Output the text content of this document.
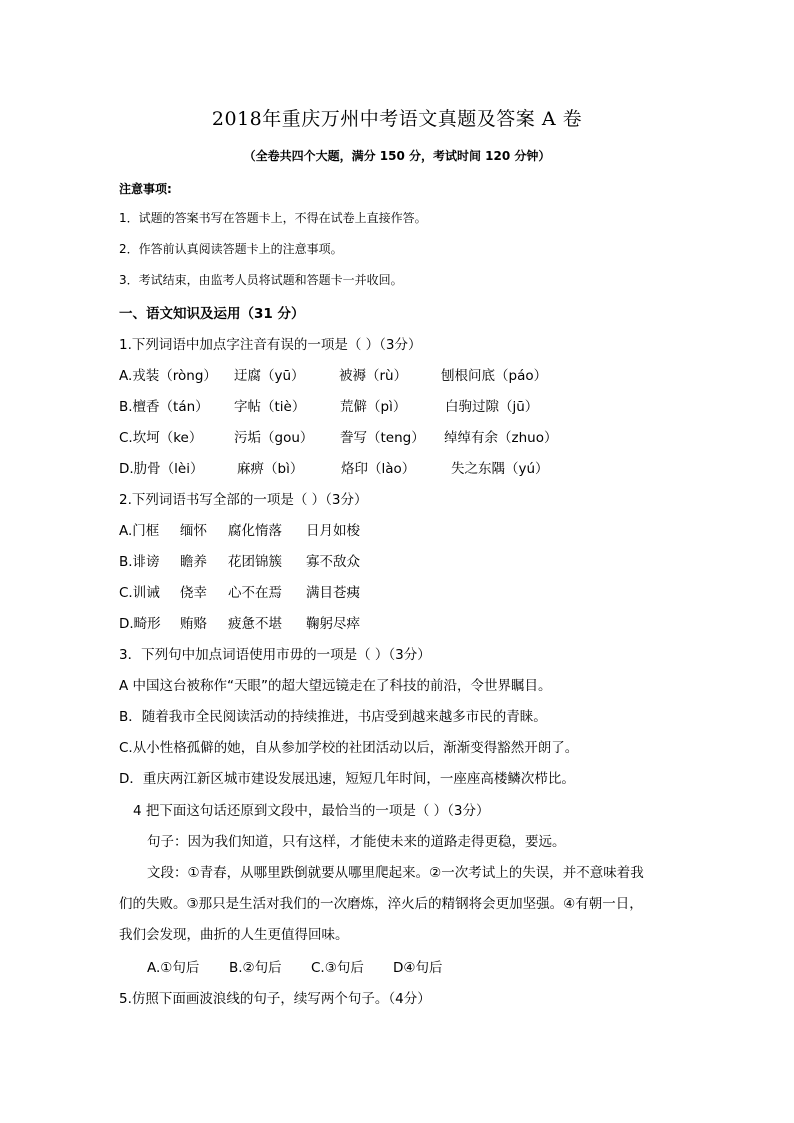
2018年重庆万州中考语文真题及答案 A 卷
（全卷共四个大题，满分 150 分，考试时间 120 分钟）
注意事项:
1．试题的答案书写在答题卡上，不得在试卷上直接作答。
2．作答前认真阅读答题卡上的注意事项。
3．考试结束，由监考人员将试题和答题卡一并收回。
一、语文知识及运用（31 分）
1.下列词语中加点字注音有误的一项是（ ）（3分）
A.戎装（ròng） 迂腐（yū）	被褥（rù）	刨根问底（páo）
B.檀香（tán） 字帖（tiè）	荒僻（pì）	白驹过隙（jū）
C.坎坷（ke） 污垢（gou） 誊写（teng） 绰绰有余（zhuo）
D.肋骨（lèi） 麻痹（bì）	烙印（lào）	失之东隅（yú）
2.下列词语书写全部的一项是（ ）（3分）
A.门框 缅怀 腐化惰落 日月如梭
B.诽谤 瞻养 花团锦簇 寡不敌众
C.训诫 侥幸 心不在焉 满目苍痍
D.畸形 贿赂 疲惫不堪 鞠躬尽瘁
3．下列句中加点词语使用市毋的一项是（ ）（3分）
A 中国这台被称作“天眼”的超大望远镜走在了科技的前沿，令世界瞩目。
B．随着我市全民阅读活动的持续推进，书店受到越来越多市民的青睐。
C.从小性格孤僻的她，自从参加学校的社团活动以后，渐渐变得豁然开朗了。
D．重庆两江新区城市建设发展迅速，短短几年时间，一座座高楼鳞次栉比。
4 把下面这句话还原到文段中，最恰当的一项是（ ）（3分）
句子：因为我们知道，只有这样，才能使未来的道路走得更稳，要远。
文段：①青春，从哪里跌倒就要从哪里爬起来。②一次考试上的失误，并不意味着我
们的失败。③那只是生活对我们的一次磨炼，淬火后的精钢将会更加坚强。④有朝一日，
我们会发现，曲折的人生更值得回味。
A.①句后 B.②句后 C.③句后 D④句后
5.仿照下面画波浪线的句子，续写两个句子。（4分）
